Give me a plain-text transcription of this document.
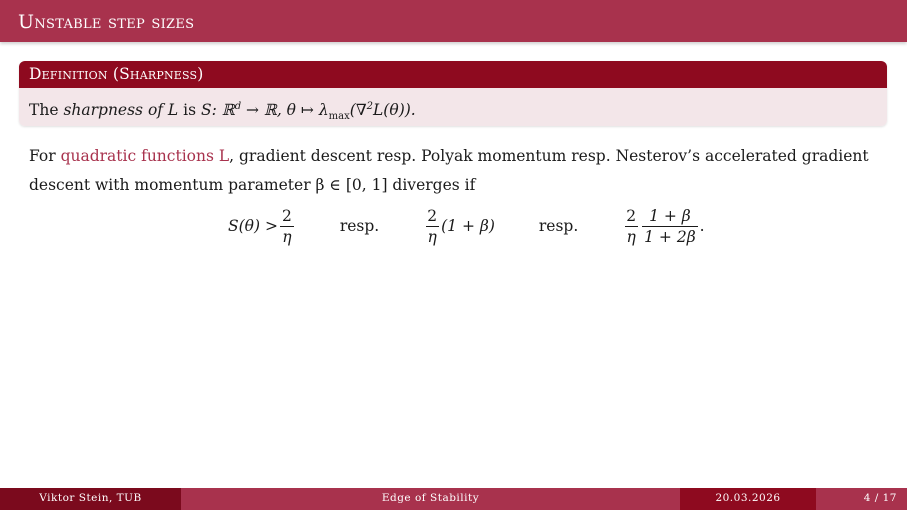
Unstable step sizes
Definition (Sharpness)
The sharpness of L is S: ℝ$^d$ → ℝ, θ ↦ $\lambda_{max}(\nabla^2L(\theta))$.
For quadratic functions L, gradient descent resp. Polyak momentum resp. Nesterov’s accelerated gradient descent with momentum parameter β ∈ [0, 1] diverges if
$S(\theta) > \frac{2}{\eta}$	resp.	$\frac{2}{\eta} (1 + \beta)$	resp.	$\frac{2}{\eta} \frac{1 + \beta}{1 + 2\beta}$ .
Viktor Stein, TUB	Edge of Stability	20.03.2026	4 / 17
